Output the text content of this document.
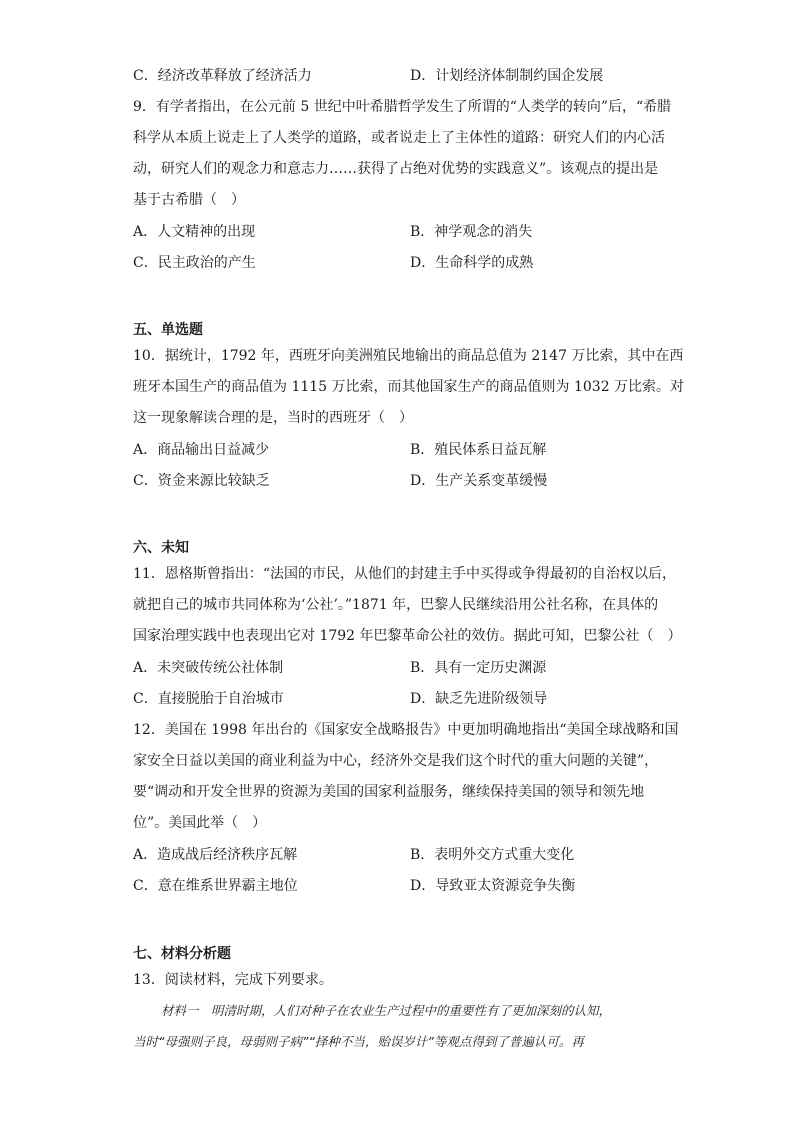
C．经济改革释放了经济活力	D．计划经济体制制约国企发展
9．有学者指出，在公元前 5 世纪中叶希腊哲学发生了所谓的“人类学的转向”后，“希腊
科学从本质上说走上了人类学的道路，或者说走上了主体性的道路：研究人们的内心活
动，研究人们的观念力和意志力……获得了占绝对优势的实践意义”。该观点的提出是
基于古希腊（　）
A．人文精神的出现	B．神学观念的消失
C．民主政治的产生	D．生命科学的成熟
五、单选题
10．据统计，1792 年，西班牙向美洲殖民地输出的商品总值为 2147 万比索，其中在西
班牙本国生产的商品值为 1115 万比索，而其他国家生产的商品值则为 1032 万比索。对
这一现象解读合理的是，当时的西班牙（　）
A．商品输出日益减少	B．殖民体系日益瓦解
C．资金来源比较缺乏	D．生产关系变革缓慢
六、未知
11．恩格斯曾指出：“法国的市民，从他们的封建主手中买得或争得最初的自治权以后，
就把自己的城市共同体称为‘公社’。”1871 年，巴黎人民继续沿用公社名称，在具体的
国家治理实践中也表现出它对 1792 年巴黎革命公社的效仿。据此可知，巴黎公社（　）
A．未突破传统公社体制	B．具有一定历史渊源
C．直接脱胎于自治城市	D．缺乏先进阶级领导
12．美国在 1998 年出台的《国家安全战略报告》中更加明确地指出“美国全球战略和国
家安全日益以美国的商业利益为中心，经济外交是我们这个时代的重大问题的关键”，
要“调动和开发全世界的资源为美国的国家利益服务，继续保持美国的领导和领先地
位”。美国此举（　）
A．造成战后经济秩序瓦解	B．表明外交方式重大变化
C．意在维系世界霸主地位	D．导致亚太资源竞争失衡
七、材料分析题
13．阅读材料，完成下列要求。
材料一　明清时期，人们对种子在农业生产过程中的重要性有了更加深刻的认知，
当时“母强则子良，母弱则子病”“择种不当，贻误岁计”等观点得到了普遍认可。再
